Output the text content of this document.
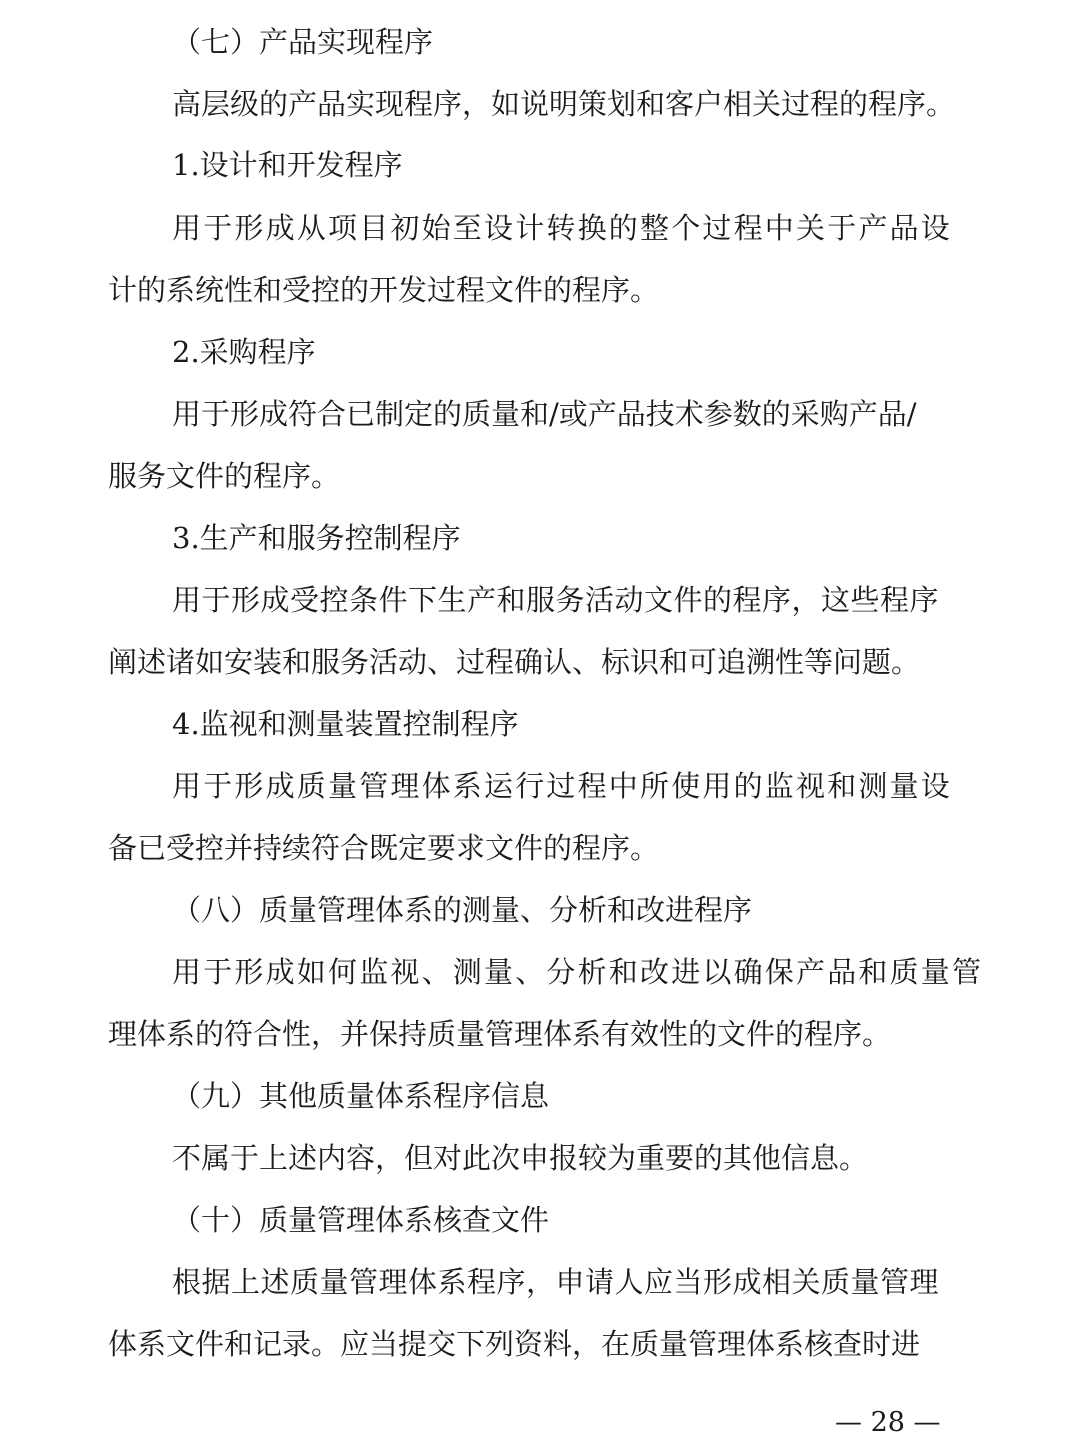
（七）产品实现程序
高层级的产品实现程序，如说明策划和客户相关过程的程序。
1.设计和开发程序
用于形成从项目初始至设计转换的整个过程中关于产品设
计的系统性和受控的开发过程文件的程序。
2.采购程序
用于形成符合已制定的质量和/或产品技术参数的采购产品/
服务文件的程序。
3.生产和服务控制程序
用于形成受控条件下生产和服务活动文件的程序，这些程序
阐述诸如安装和服务活动、过程确认、标识和可追溯性等问题。
4.监视和测量装置控制程序
用于形成质量管理体系运行过程中所使用的监视和测量设
备已受控并持续符合既定要求文件的程序。
（八）质量管理体系的测量、分析和改进程序
用于形成如何监视、测量、分析和改进以确保产品和质量管
理体系的符合性，并保持质量管理体系有效性的文件的程序。
（九）其他质量体系程序信息
不属于上述内容，但对此次申报较为重要的其他信息。
（十）质量管理体系核查文件
根据上述质量管理体系程序，申请人应当形成相关质量管理
体系文件和记录。应当提交下列资料，在质量管理体系核查时进
— 28 —
